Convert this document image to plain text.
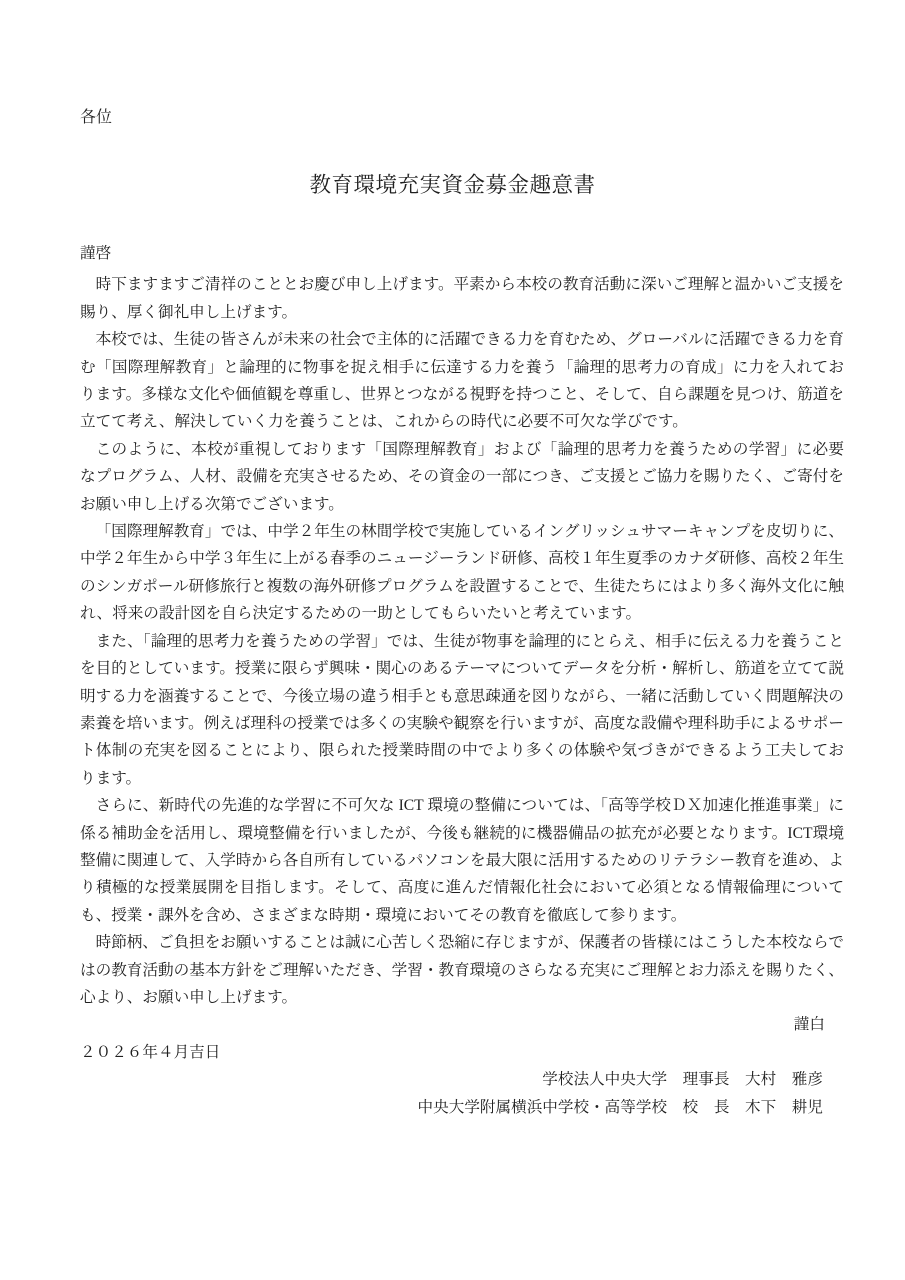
各位
教育環境充実資金募金趣意書

謹啓

時下ますますご清祥のこととお慶び申し上げます。平素から本校の教育活動に深いご理解と温かいご支援を賜り、厚く御礼申し上げます。

本校では、生徒の皆さんが未来の社会で主体的に活躍できる力を育むため、グローバルに活躍できる力を育む「国際理解教育」と論理的に物事を捉え相手に伝達する力を養う「論理的思考力の育成」に力を入れております。多様な文化や価値観を尊重し、世界とつながる視野を持つこと、そして、自ら課題を見つけ、筋道を立てて考え、解決していく力を養うことは、これからの時代に必要不可欠な学びです。

このように、本校が重視しております「国際理解教育」および「論理的思考力を養うための学習」に必要なプログラム、人材、設備を充実させるため、その資金の一部につき、ご支援とご協力を賜りたく、ご寄付をお願い申し上げる次第でございます。

「国際理解教育」では、中学２年生の林間学校で実施しているイングリッシュサマーキャンプを皮切りに、中学２年生から中学３年生に上がる春季のニュージーランド研修、高校１年生夏季のカナダ研修、高校２年生のシンガポール研修旅行と複数の海外研修プログラムを設置することで、生徒たちにはより多く海外文化に触れ、将来の設計図を自ら決定するための一助としてもらいたいと考えています。

また、「論理的思考力を養うための学習」では、生徒が物事を論理的にとらえ、相手に伝える力を養うことを目的としています。授業に限らず興味・関心のあるテーマについてデータを分析・解析し、筋道を立てて説明する力を涵養することで、今後立場の違う相手とも意思疎通を図りながら、一緒に活動していく問題解決の素養を培います。例えば理科の授業では多くの実験や観察を行いますが、高度な設備や理科助手によるサポート体制の充実を図ることにより、限られた授業時間の中でより多くの体験や気づきができるよう工夫しております。

さらに、新時代の先進的な学習に不可欠な ICT 環境の整備については、「高等学校ＤＸ加速化推進事業」に係る補助金を活用し、環境整備を行いましたが、今後も継続的に機器備品の拡充が必要となります。ICT環境整備に関連して、入学時から各自所有しているパソコンを最大限に活用するためのリテラシー教育を進め、より積極的な授業展開を目指します。そして、高度に進んだ情報化社会において必須となる情報倫理についても、授業・課外を含め、さまざまな時期・環境においてその教育を徹底して参ります。

時節柄、ご負担をお願いすることは誠に心苦しく恐縮に存じますが、保護者の皆様にはこうした本校ならではの教育活動の基本方針をご理解いただき、学習・教育環境のさらなる充実にご理解とお力添えを賜りたく、心より、お願い申し上げます。

謹白

２０２６年４月吉日

学校法人中央大学　理事長　大村　雅彦

中央大学附属横浜中学校・高等学校　校　長　木下　耕児
